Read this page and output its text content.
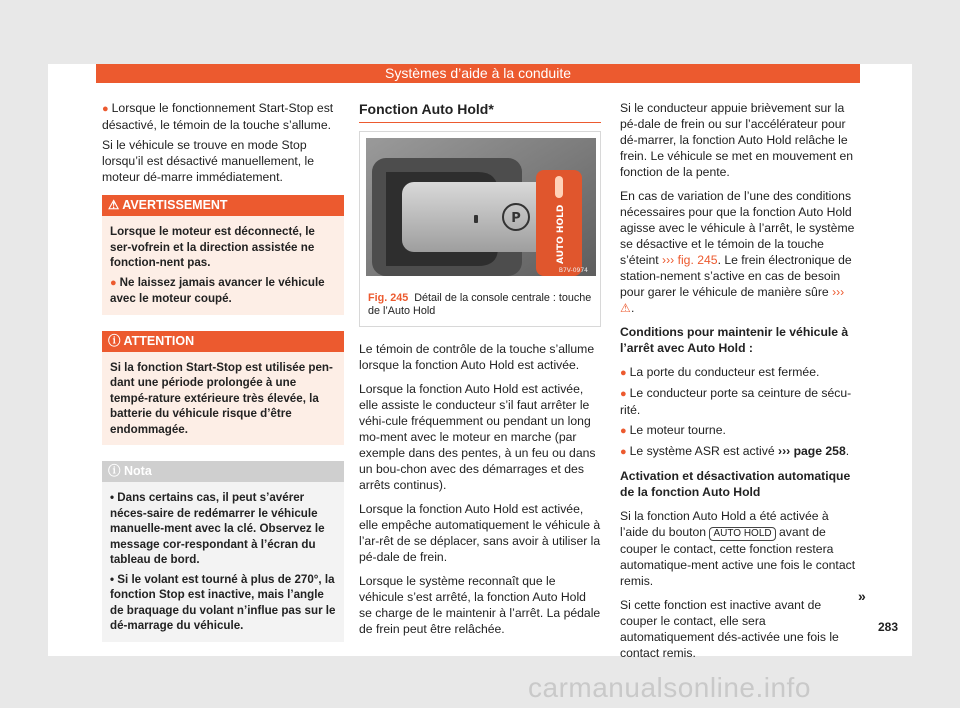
Systèmes d’aide à la conduite

● Lorsque le fonctionnement Start-Stop est désactivé, le témoin de la touche s’allume.

Si le véhicule se trouve en mode Stop lorsqu’il est désactivé manuellement, le moteur dé-marre immédiatement.

⚠ AVERTISSEMENT

Lorsque le moteur est déconnecté, le ser-vofrein et la direction assistée ne fonction-nent pas.

● Ne laissez jamais avancer le véhicule avec le moteur coupé.

ⓘ ATTENTION

Si la fonction Start-Stop est utilisée pen-dant une période prolongée à une tempé-rature extérieure très élevée, la batterie du véhicule risque d’être endommagée.

ⓘ Nota

• Dans certains cas, il peut s’avérer néces-saire de redémarrer le véhicule manuelle-ment avec la clé. Observez le message cor-respondant à l’écran du tableau de bord.

• Si le volant est tourné à plus de 270°, la fonction Stop est inactive, mais l’angle de braquage du volant n’influe pas sur le dé-marrage du véhicule.

Fonction Auto Hold*
P	AUTO HOLD
B7V-0974
Fig. 245 Détail de la console centrale : touche de l’Auto Hold

Le témoin de contrôle de la touche s’allume lorsque la fonction Auto Hold est activée.

Lorsque la fonction Auto Hold est activée, elle assiste le conducteur s’il faut arrêter le véhi-cule fréquemment ou pendant un long mo-ment avec le moteur en marche (par exemple dans des pentes, à un feu ou dans un bou-chon avec des démarrages et des arrêts continus).

Lorsque la fonction Auto Hold est activée, elle empêche automatiquement le véhicule à l’ar-rêt de se déplacer, sans avoir à utiliser la pé-dale de frein.

Lorsque le système reconnaît que le véhicule s’est arrêté, la fonction Auto Hold se charge de le maintenir à l’arrêt. La pédale de frein peut être relâchée.

Si le conducteur appuie brièvement sur la pé-dale de frein ou sur l’accélérateur pour dé-marrer, la fonction Auto Hold relâche le frein. Le véhicule se met en mouvement en fonction de la pente.

En cas de variation de l’une des conditions nécessaires pour que la fonction Auto Hold agisse avec le véhicule à l’arrêt, le système se désactive et le témoin de la touche s’éteint ››› fig. 245. Le frein électronique de station-nement s’active en cas de besoin pour garer le véhicule de manière sûre ››› ⚠.

Conditions pour maintenir le véhicule à l’arrêt avec Auto Hold :

● La porte du conducteur est fermée.

● Le conducteur porte sa ceinture de sécu-rité.

● Le moteur tourne.

● Le système ASR est activé ››› page 258.

Activation et désactivation automatique de la fonction Auto Hold

Si la fonction Auto Hold a été activée à l’aide du bouton AUTO HOLD avant de couper le contact, cette fonction restera automatique-ment active une fois le contact remis.

Si cette fonction est inactive avant de couper le contact, elle sera automatiquement dés-activée une fois le contact remis.

»
283
carmanualsonline.info
